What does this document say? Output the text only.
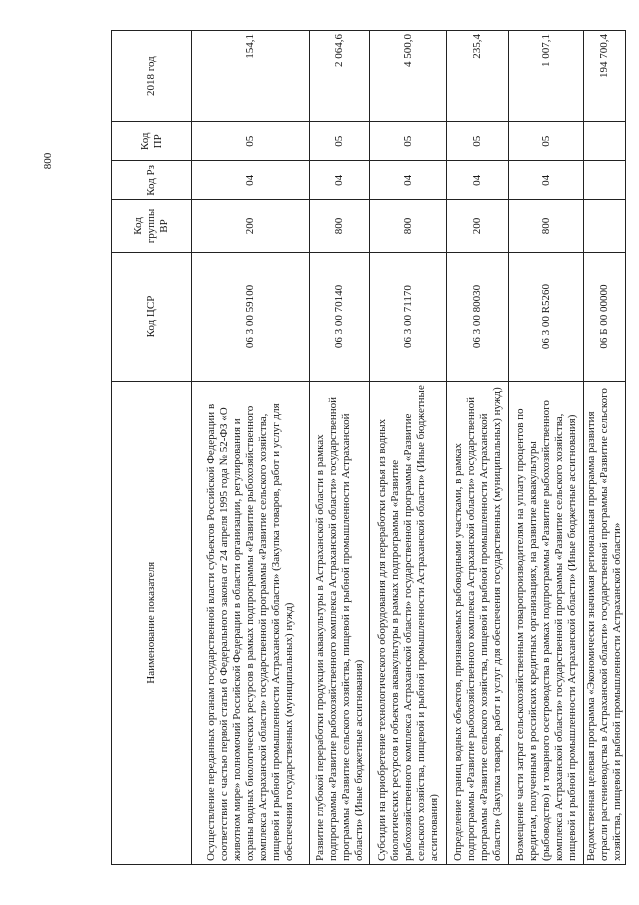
800
Наименование показателя	Код ЦСР	Код группы ВР	Код Рз	Код ПР	2018 год
Осуществление переданных органам государственной власти субъектов Российской Федерации в соответствии с частью первой статьи 6 Федерального закона от 24 апреля 1995 года № 52-ФЗ «О животном мире» полномочий Российской Федерации в области организации, регулирования и охраны водных биологических ресурсов в рамках подпрограммы «Развитие рыбохозяйственного комплекса Астраханской области» государственной программы «Развитие сельского хозяйства, пищевой и рыбной промышленности Астраханской области» (Закупка товаров, работ и услуг для обеспечения государственных (муниципальных) нужд)	06 3 00 59100	200	04	05	154,1
Развитие глубокой переработки продукции аквакультуры в Астраханской области в рамках подпрограммы «Развитие рыбохозяйственного комплекса Астраханской области» государственной программы «Развитие сельского хозяйства, пищевой и рыбной промышленности Астраханской области» (Иные бюджетные ассигнования)	06 3 00 70140	800	04	05	2 064,6
Субсидии на приобретение технологического оборудования для переработки сырья из водных биологических ресурсов и объектов аквакультуры в рамках подпрограммы «Развитие рыбохозяйственного комплекса Астраханской области» государственной программы «Развитие сельского хозяйства, пищевой и рыбной промышленности Астраханской области» (Иные бюджетные ассигнования)	06 3 00 71170	800	04	05	4 500,0
Определение границ водных объектов, признаваемых рыбоводными участками, в рамках подпрограммы «Развитие рыбохозяйственного комплекса Астраханской области» государственной программы «Развитие сельского хозяйства, пищевой и рыбной промышленности Астраханской области» (Закупка товаров, работ и услуг для обеспечения государственных (муниципальных) нужд)	06 3 00 80030	200	04	05	235,4
Возмещение части затрат сельскохозяйственным товаропроизводителям на уплату процентов по кредитам, полученным в российских кредитных организациях, на развитие аквакультуры (рыбоводство) и товарного осетроводства в рамках подпрограммы «Развитие рыбохозяйственного комплекса Астраханской области» государственной программы «Развитие сельского хозяйства, пищевой и рыбной промышленности Астраханской области» (Иные бюджетные ассигнования)	06 3 00 R5260	800	04	05	1 007,1
Ведомственная целевая программа «Экономически значимая региональная программа развития отрасли растениеводства в Астраханской области» государственной программы «Развитие сельского хозяйства, пищевой и рыбной промышленности Астраханской области»	06 Б 00 00000				194 700,4
